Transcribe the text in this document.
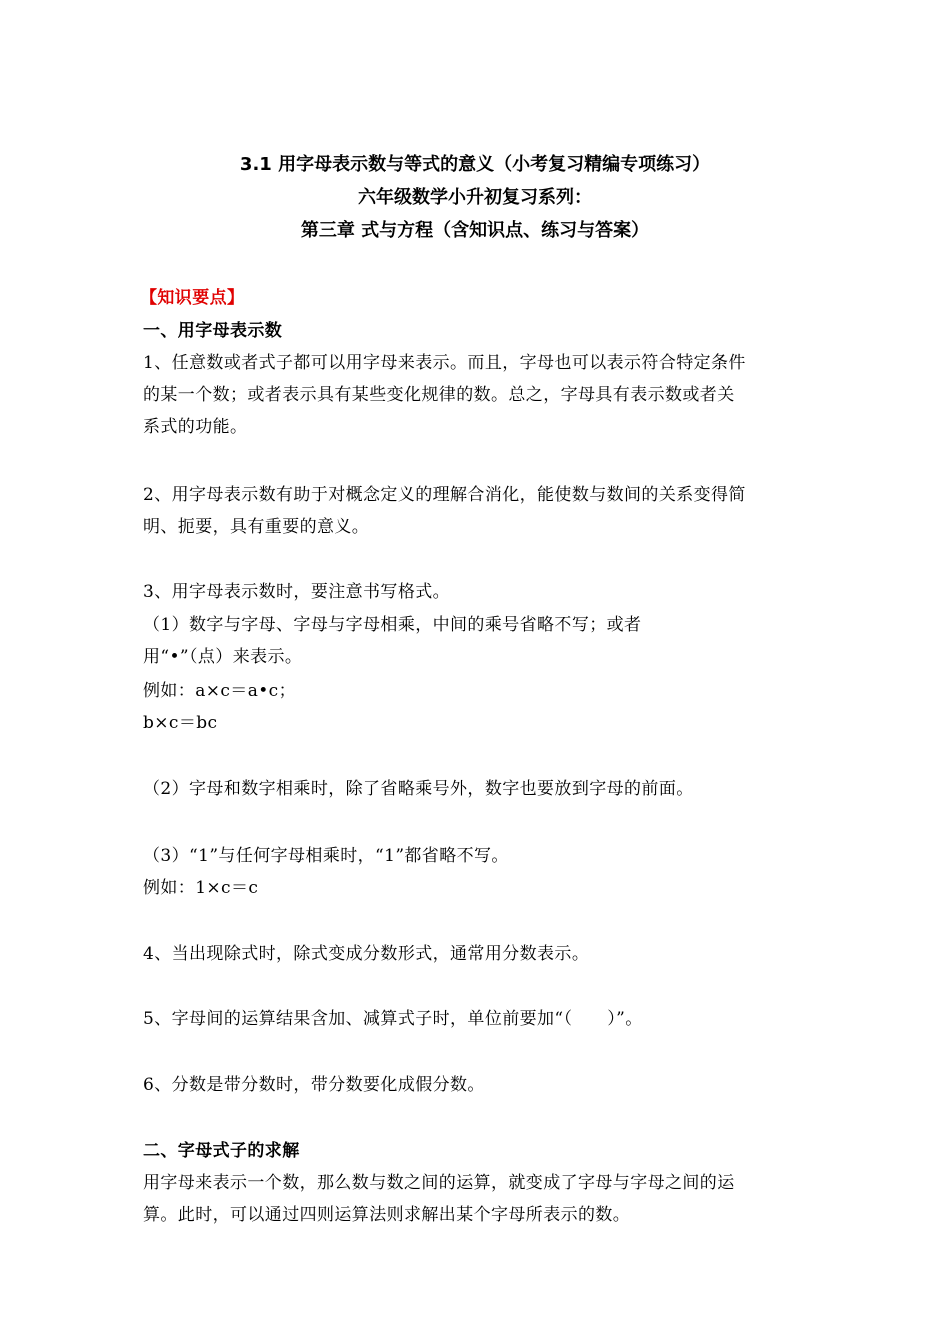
3.1 用字母表示数与等式的意义（小考复习精编专项练习）
六年级数学小升初复习系列：
第三章 式与方程（含知识点、练习与答案）
【知识要点】
一、用字母表示数
1、任意数或者式子都可以用字母来表示。而且，字母也可以表示符合特定条件
的某一个数；或者表示具有某些变化规律的数。总之，字母具有表示数或者关
系式的功能。
2、用字母表示数有助于对概念定义的理解合消化，能使数与数间的关系变得简
明、扼要，具有重要的意义。
3、用字母表示数时，要注意书写格式。
（1）数字与字母、字母与字母相乘，中间的乘号省略不写；或者
用“•”（点）来表示。
例如：a×c＝a•c；
b×c＝bc
（2）字母和数字相乘时，除了省略乘号外，数字也要放到字母的前面。
（3）“1”与任何字母相乘时，“1”都省略不写。
例如：1×c＝c
4、当出现除式时，除式变成分数形式，通常用分数表示。
5、字母间的运算结果含加、减算式子时，单位前要加“（　　）”。
6、分数是带分数时，带分数要化成假分数。
二、字母式子的求解
用字母来表示一个数，那么数与数之间的运算，就变成了字母与字母之间的运
算。此时，可以通过四则运算法则求解出某个字母所表示的数。
